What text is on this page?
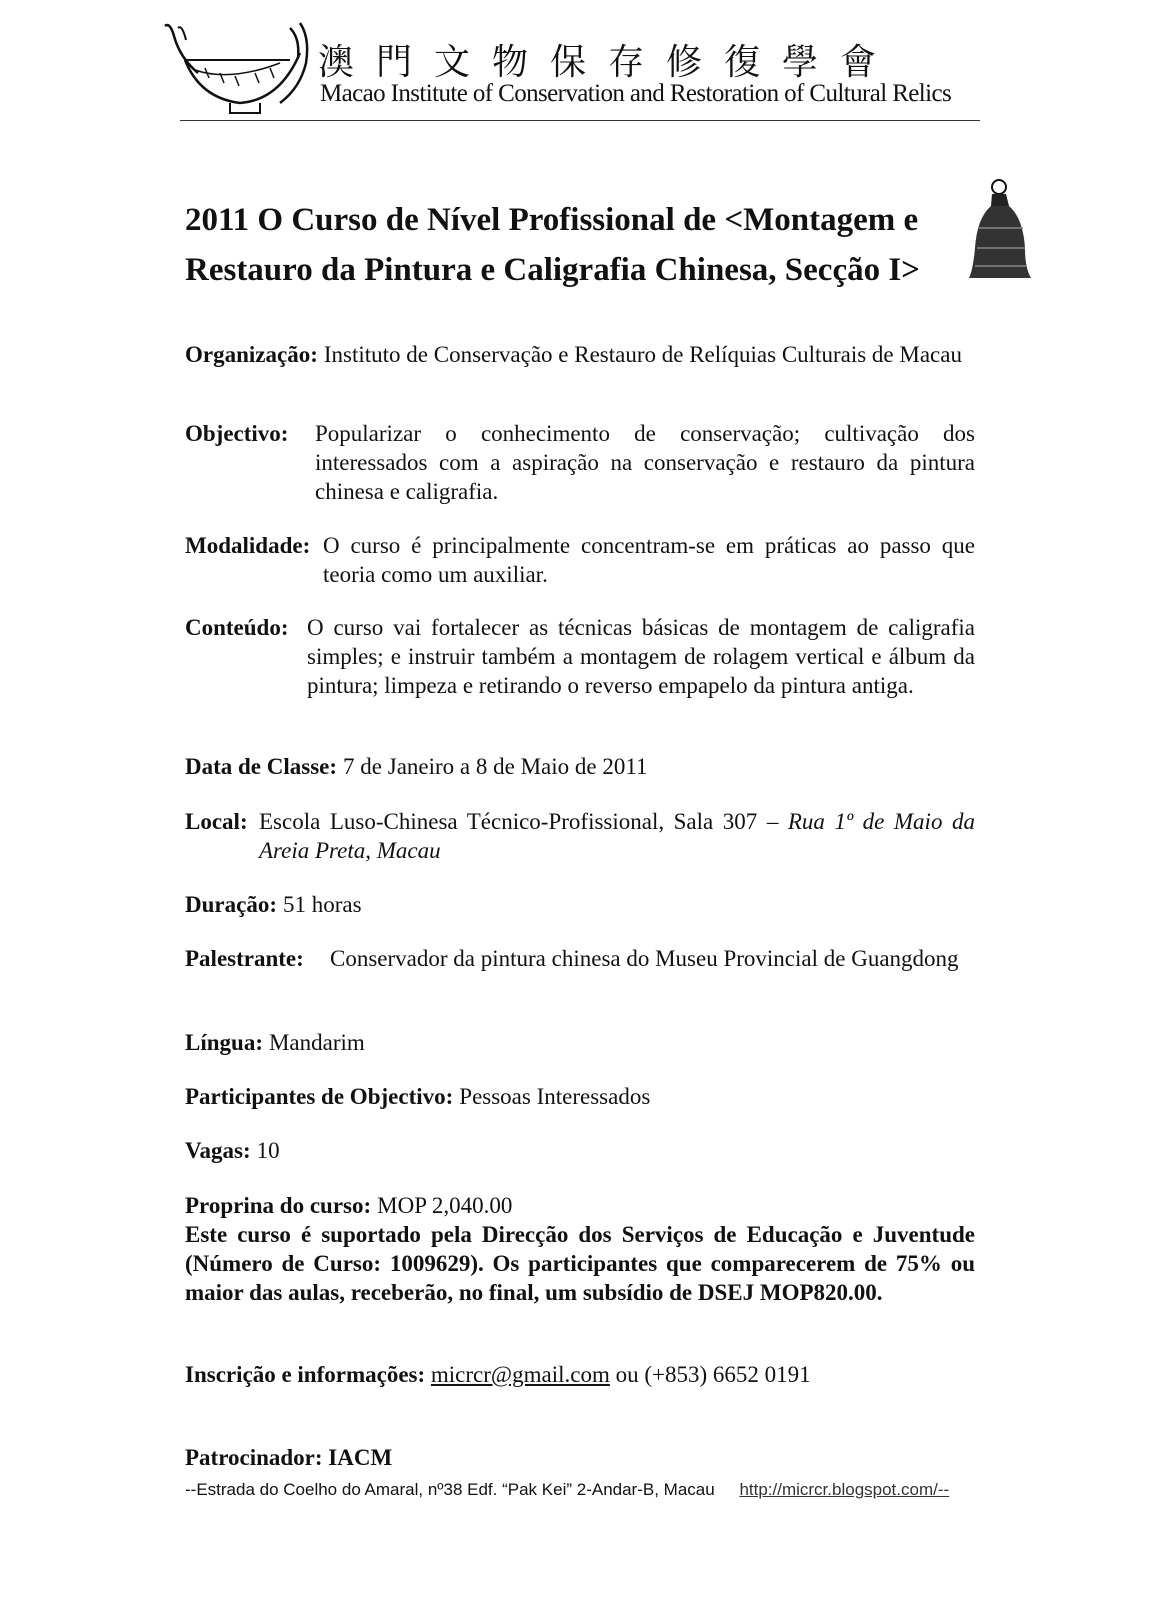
澳門文物保存修復學會
Macao Institute of Conservation and Restoration of Cultural Relics
2011 O Curso de Nível Profissional de <Montagem e
Restauro da Pintura e Caligrafia Chinesa, Secção I>
Organização: Instituto de Conservação e Restauro de Relíquias Culturais de Macau
Objectivo:	Popularizar o conhecimento de conservação; cultivação dos interessados com a aspiração na conservação e restauro da pintura chinesa e caligrafia.
Modalidade: O curso é principalmente concentram-se em práticas ao passo que teoria como um auxiliar.
Conteúdo: O curso vai fortalecer as técnicas básicas de montagem de caligrafia simples; e instruir também a montagem de rolagem vertical e álbum da pintura; limpeza e retirando o reverso empapelo da pintura antiga.
Data de Classe: 7 de Janeiro a 8 de Maio de 2011
Local: Escola Luso-Chinesa Técnico-Profissional, Sala 307 – Rua 1º de Maio da Areia Preta, Macau
Duração: 51 horas
Palestrante:	Conservador da pintura chinesa do Museu Provincial de Guangdong
Língua: Mandarim
Participantes de Objectivo: Pessoas Interessados
Vagas: 10
Proprina do curso: MOP 2,040.00
Este curso é suportado pela Direcção dos Serviços de Educação e Juventude (Número de Curso: 1009629). Os participantes que comparecerem de 75% ou maior das aulas, receberão, no final, um subsídio de DSEJ MOP820.00.
Inscrição e informações: micrcr@gmail.com ou (+853) 6652 0191
Patrocinador: IACM
--Estrada do Coelho do Amaral, nº38 Edf. “Pak Kei” 2-Andar-B, Macau http://micrcr.blogspot.com/--
